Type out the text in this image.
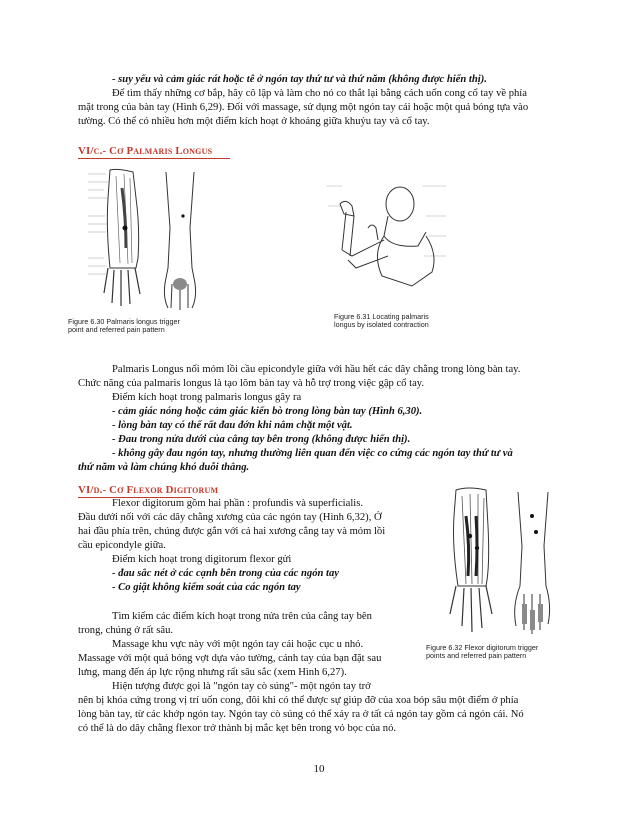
- suy yếu và cảm giác rát hoặc tê ở ngón tay thứ tư và thứ năm (không được hiển thị).
Để tìm thấy những cơ bắp, hãy cô lập và làm cho nó co thắt lại bằng cách uốn cong cổ tay về phía
mặt trong của bàn tay (Hình 6,29). Đối với massage, sử dụng một ngón tay cái hoặc một quả bóng tựa vào
tường. Có thể có nhiều hơn một điểm kích hoạt ở khoảng giữa khuỷu tay và cổ tay.
VI/c.- Cơ Palmaris Longus
Figure 6.30 Palmaris longus trigger
point and referred pain pattern
Figure 6.31 Locating palmaris
longus by isolated contraction
Palmaris Longus nối mỏm lồi cầu epicondyle giữa với hầu hết các dây chằng trong lòng bàn tay.
Chức năng của palmaris longus là tạo lõm bàn tay và hỗ trợ trong việc gập cổ tay.
Điểm kích hoạt trong palmaris longus gây ra
- cảm giác nóng hoặc cảm giác kiến bò trong lòng bàn tay (Hình 6,30).
- lòng bàn tay có thể rất đau đớn khi nắm chặt một vật.
- Đau trong nửa dưới của cẳng tay bên trong (không được hiển thị).
- không gây đau ngón tay, nhưng thường liên quan đến việc co cứng các ngón tay thứ tư và
thứ năm và làm chúng khó duỗi thẳng.
VI/d.- Cơ Flexor Digitorum
Flexor digitorum gồm hai phần : profundis và superficialis.
Đầu dưới nối với các dây chằng xương của các ngón tay (Hình 6,32), Ở
hai đầu phía trên, chúng được gắn với cả hai xương cẳng tay và mỏm lồi
cầu epicondyle giữa.
Điểm kích hoạt trong digitorum flexor gửi
- đau sắc nét ở các cạnh bên trong của các ngón tay
- Co giật không kiểm soát của các ngón tay
Tìm kiếm các điểm kích hoạt trong nửa trên của cẳng tay bên
trong, chúng ở rất sâu.
Massage khu vực này với một ngón tay cái hoặc cục u nhỏ.
Massage với một quả bóng vợt dựa vào tường, cánh tay của bạn đặt sau
lưng, mang đến áp lực rộng nhưng rất sâu sắc (xem Hình 6,27).
Hiện tượng được gọi là "ngón tay cò súng"- một ngón tay trở
nên bị khóa cứng trong vị trí uốn cong, đôi khi có thể được sự giúp đỡ của xoa bóp sâu một điểm ở phía
lòng bàn tay, từ các khớp ngón tay. Ngón tay cò súng có thể xảy ra ở tất cả ngón tay gồm cả ngón cái. Nó
có thể là do dây chằng flexor trở thành bị mắc kẹt bên trong vỏ bọc của nó.
Figure 6.32 Flexor digitorum trigger
points and referred pain pattern
10
